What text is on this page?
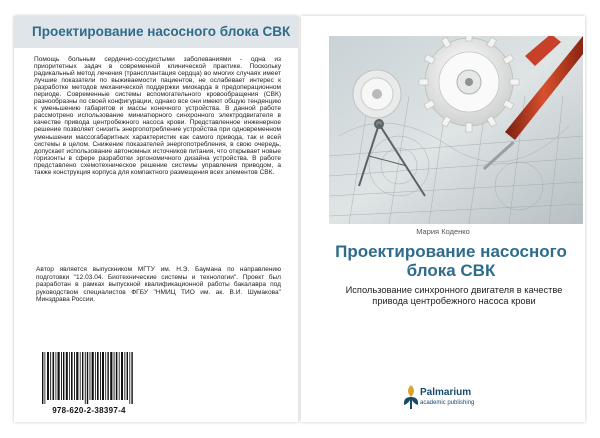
Проектирование насосного блока СВК
Помощь больным сердечно-сосудистыми заболеваниями - одна из приоритетных задач в современной клинической практике. Поскольку радикальный метод лечения (трансплантация сердца) во многих случаях имеет лучшие показатели по выживаемости пациентов, не ослабевает интерес к разработке методов механической поддержки миокарда в предоперационном периоде. Современные системы вспомогательного кровообращения (СВК) разнообразны по своей конфигурации, однако все они имеют общую тенденцию к уменьшению габаритов и массы конечного устройства. В данной работе рассмотрено использование миниатюрного синхронного электродвигателя в качестве привода центробежного насоса крови. Представленное инженерное решение позволяет снизить энергопотребление устройства при одновременном уменьшении массогабаритных характеристик как самого привода, так и всей системы в целом. Снижение показателей энергопотребления, в свою очередь, допускает использование автономных источников питания, что открывает новые горизонты в сфере разработки эргономичного дизайна устройства. В работе представлено схемотехническое решение системы управления приводом, а также конструкция корпуса для компактного размещения всех элементов СВК.
Автор является выпускником МГТУ им. Н.Э. Баумана по направлению подготовки "12.03.04. Биотехнические системы и технологии". Проект был разработан в рамках выпускной квалификационной работы бакалавра под руководством специалистов ФГБУ "НМИЦ ТИО им. ак. В.И. Шумакова" Минздрава России.
978-620-2-38397-4
Мария Коденко
Проектирование насосного блока СВК
Использование синхронного двигателя в качестве привода центробежного насоса крови
Palmarium
academic publishing
